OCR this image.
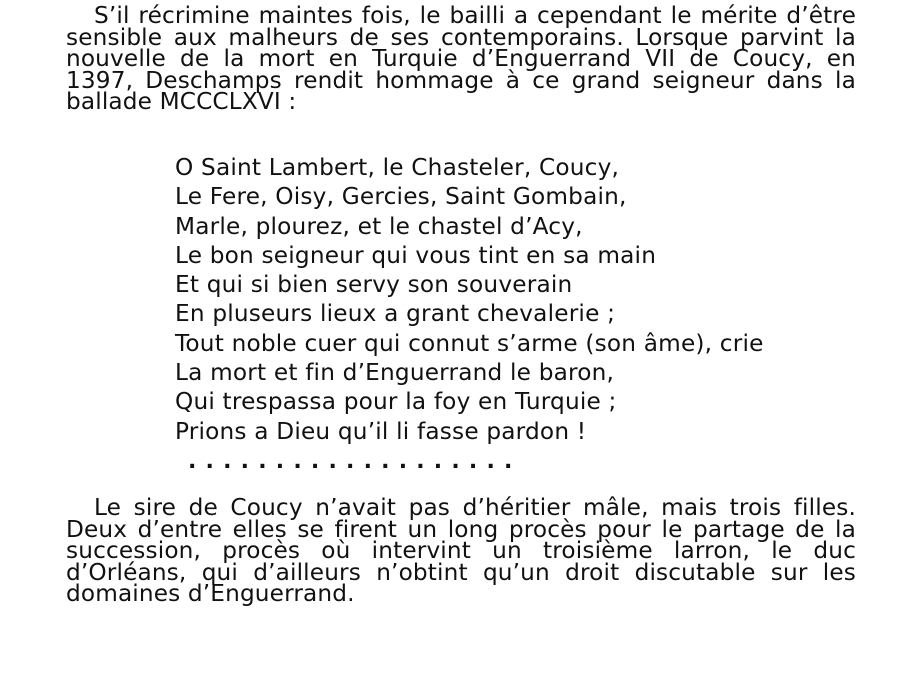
S’il récrimine maintes fois, le bailli a cependant le mérite d’être sensible aux malheurs de ses contemporains. Lorsque parvint la nouvelle de la mort en Turquie d’Enguerrand VII de Coucy, en 1397, Deschamps rendit hommage à ce grand seigneur dans la ballade MCCCLXVI :

O Saint Lambert, le Chasteler, Coucy,
Le Fere, Oisy, Gercies, Saint Gombain,
Marle, plourez, et le chastel d’Acy,
Le bon seigneur qui vous tint en sa main
Et qui si bien servy son souverain
En pluseurs lieux a grant chevalerie ;
Tout noble cuer qui connut s’arme (son âme), crie
La mort et fin d’Enguerrand le baron,
Qui trespassa pour la foy en Turquie ;
Prions a Dieu qu’il li fasse pardon !
...................

Le sire de Coucy n’avait pas d’héritier mâle, mais trois filles. Deux d’entre elles se firent un long procès pour le partage de la succession, procès où intervint un troisième larron, le duc d’Orléans, qui d’ailleurs n’obtint qu’un droit discutable sur les domaines d’Enguerrand.
